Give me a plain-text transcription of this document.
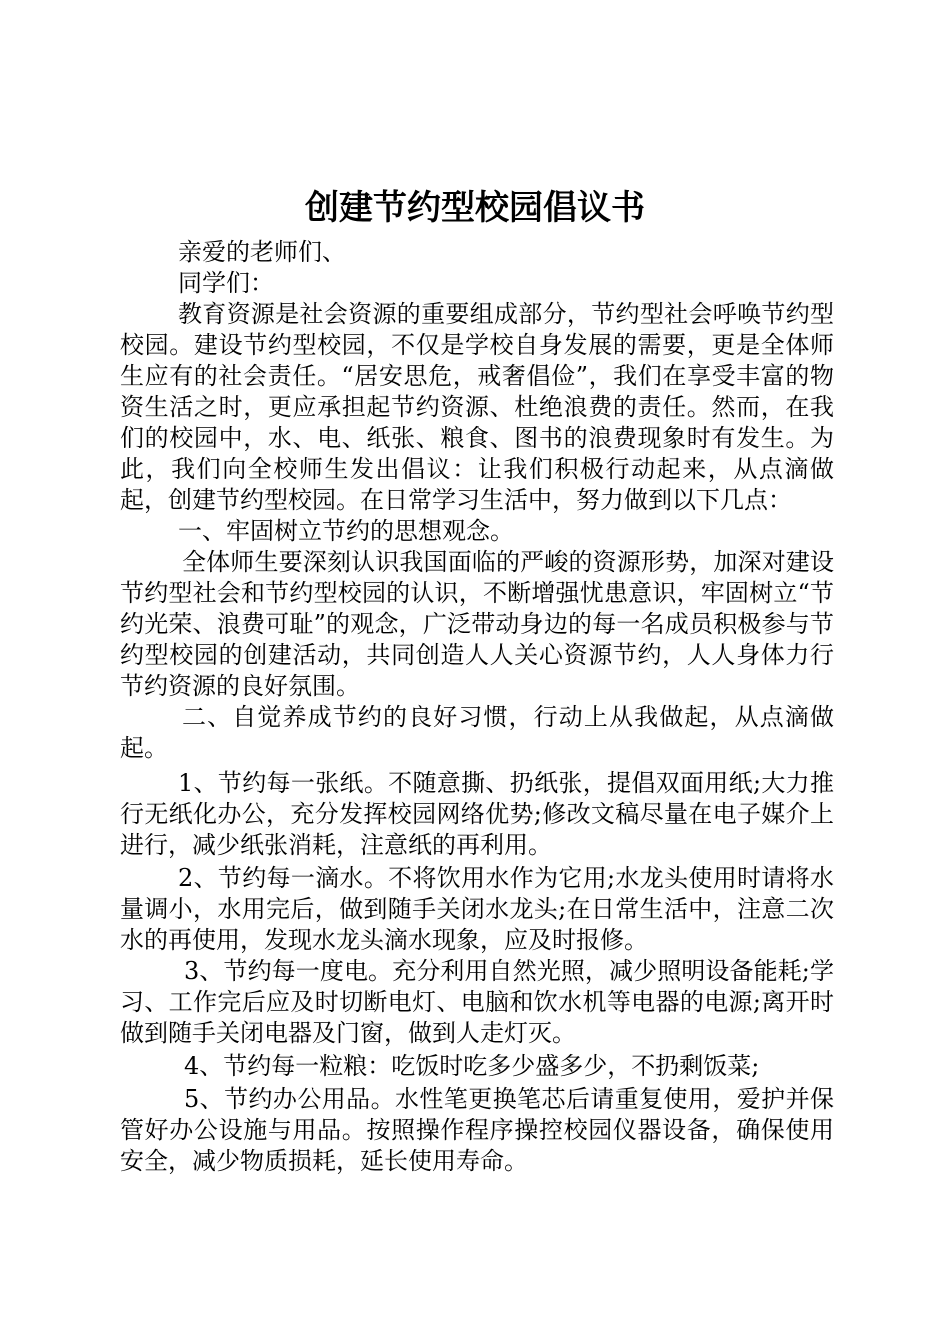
创建节约型校园倡议书

亲爱的老师们、

同学们：

教育资源是社会资源的重要组成部分，节约型社会呼唤节约型校园。建设节约型校园，不仅是学校自身发展的需要，更是全体师生应有的社会责任。“居安思危，戒奢倡俭”，我们在享受丰富的物资生活之时，更应承担起节约资源、杜绝浪费的责任。然而，在我们的校园中，水、电、纸张、粮食、图书的浪费现象时有发生。为此，我们向全校师生发出倡议：让我们积极行动起来，从点滴做起，创建节约型校园。在日常学习生活中，努力做到以下几点：

一、牢固树立节约的思想观念。

全体师生要深刻认识我国面临的严峻的资源形势，加深对建设节约型社会和节约型校园的认识，不断增强忧患意识，牢固树立“节约光荣、浪费可耻”的观念，广泛带动身边的每一名成员积极参与节约型校园的创建活动，共同创造人人关心资源节约，人人身体力行节约资源的良好氛围。

二、自觉养成节约的良好习惯，行动上从我做起，从点滴做起。

1、节约每一张纸。不随意撕、扔纸张，提倡双面用纸;大力推行无纸化办公，充分发挥校园网络优势;修改文稿尽量在电子媒介上进行，减少纸张消耗，注意纸的再利用。

2、节约每一滴水。不将饮用水作为它用;水龙头使用时请将水量调小，水用完后，做到随手关闭水龙头;在日常生活中，注意二次水的再使用，发现水龙头滴水现象，应及时报修。

3、节约每一度电。充分利用自然光照，减少照明设备能耗;学习、工作完后应及时切断电灯、电脑和饮水机等电器的电源;离开时做到随手关闭电器及门窗，做到人走灯灭。

4、节约每一粒粮：吃饭时吃多少盛多少，不扔剩饭菜;

5、节约办公用品。水性笔更换笔芯后请重复使用，爱护并保管好办公设施与用品。按照操作程序操控校园仪器设备，确保使用安全，减少物质损耗，延长使用寿命。
